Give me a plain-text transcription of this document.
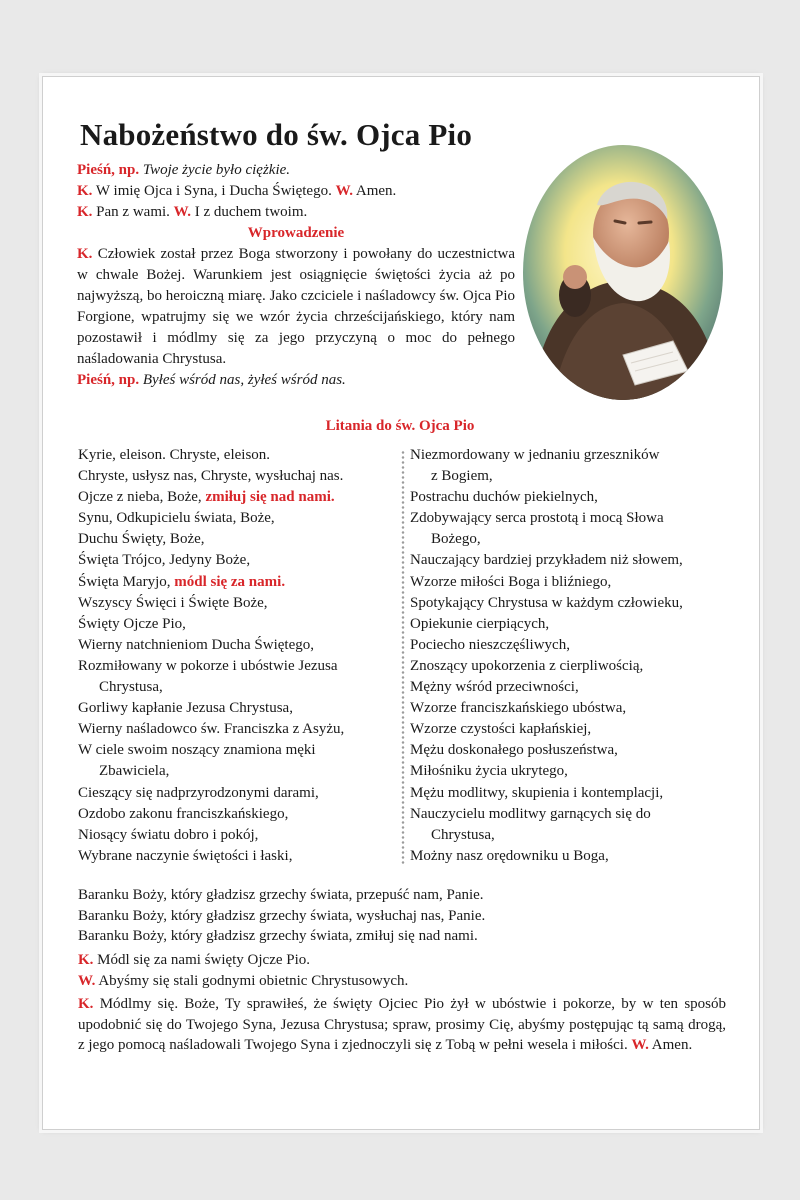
Nabożeństwo do św. Ojca Pio

Pieśń, np. Twoje życie było ciężkie.

K. W imię Ojca i Syna, i Ducha Świętego. W. Amen.

K. Pan z wami. W. I z duchem twoim.

Wprowadzenie

K. Człowiek został przez Boga stworzony i powołany do uczestnictwa w chwale Bożej. Warunkiem jest osiągnięcie świętości życia aż po najwyższą, bo heroiczną miarę. Jako czciciele i naśladowcy św. Ojca Pio Forgione, wpatrujmy się we wzór życia chrześcijańskiego, który nam pozostawił i módlmy się za jego przyczyną o moc do pełnego naśladowania Chrystusa.

Pieśń, np. Byłeś wśród nas, żyłeś wśród nas.

Litania do św. Ojca Pio
Kyrie, eleison. Chryste, eleison.
Chryste, usłysz nas, Chryste, wysłuchaj nas.
Ojcze z nieba, Boże, zmiłuj się nad nami.
Synu, Odkupicielu świata, Boże,
Duchu Święty, Boże,
Święta Trójco, Jedyny Boże,
Święta Maryjo, módl się za nami.
Wszyscy Święci i Święte Boże,
Święty Ojcze Pio,
Wierny natchnieniom Ducha Świętego,
Rozmiłowany w pokorze i ubóstwie Jezusa
Chrystusa,
Gorliwy kapłanie Jezusa Chrystusa,
Wierny naśladowco św. Franciszka z Asyżu,
W ciele swoim noszący znamiona męki
Zbawiciela,
Cieszący się nadprzyrodzonymi darami,
Ozdobo zakonu franciszkańskiego,
Niosący światu dobro i pokój,
Wybrane naczynie świętości i łaski,
Niezmordowany w jednaniu grzeszników
z Bogiem,
Postrachu duchów piekielnych,
Zdobywający serca prostotą i mocą Słowa
Bożego,
Nauczający bardziej przykładem niż słowem,
Wzorze miłości Boga i bliźniego,
Spotykający Chrystusa w każdym człowieku,
Opiekunie cierpiących,
Pociecho nieszczęśliwych,
Znoszący upokorzenia z cierpliwością,
Mężny wśród przeciwności,
Wzorze franciszkańskiego ubóstwa,
Wzorze czystości kapłańskiej,
Mężu doskonałego posłuszeństwa,
Miłośniku życia ukrytego,
Mężu modlitwy, skupienia i kontemplacji,
Nauczycielu modlitwy garnących się do
Chrystusa,
Możny nasz orędowniku u Boga,
Baranku Boży, który gładzisz grzechy świata, przepuść nam, Panie.
Baranku Boży, który gładzisz grzechy świata, wysłuchaj nas, Panie.
Baranku Boży, który gładzisz grzechy świata, zmiłuj się nad nami.

K. Módl się za nami święty Ojcze Pio.

W. Abyśmy się stali godnymi obietnic Chrystusowych.

K. Módlmy się. Boże, Ty sprawiłeś, że święty Ojciec Pio żył w ubóstwie i pokorze, by w ten sposób upodobnić się do Twojego Syna, Jezusa Chrystusa; spraw, prosimy Cię, abyśmy postępując tą samą drogą, z jego pomocą naśladowali Twojego Syna i zjednoczyli się z Tobą w pełni wesela i miłości. W. Amen.
